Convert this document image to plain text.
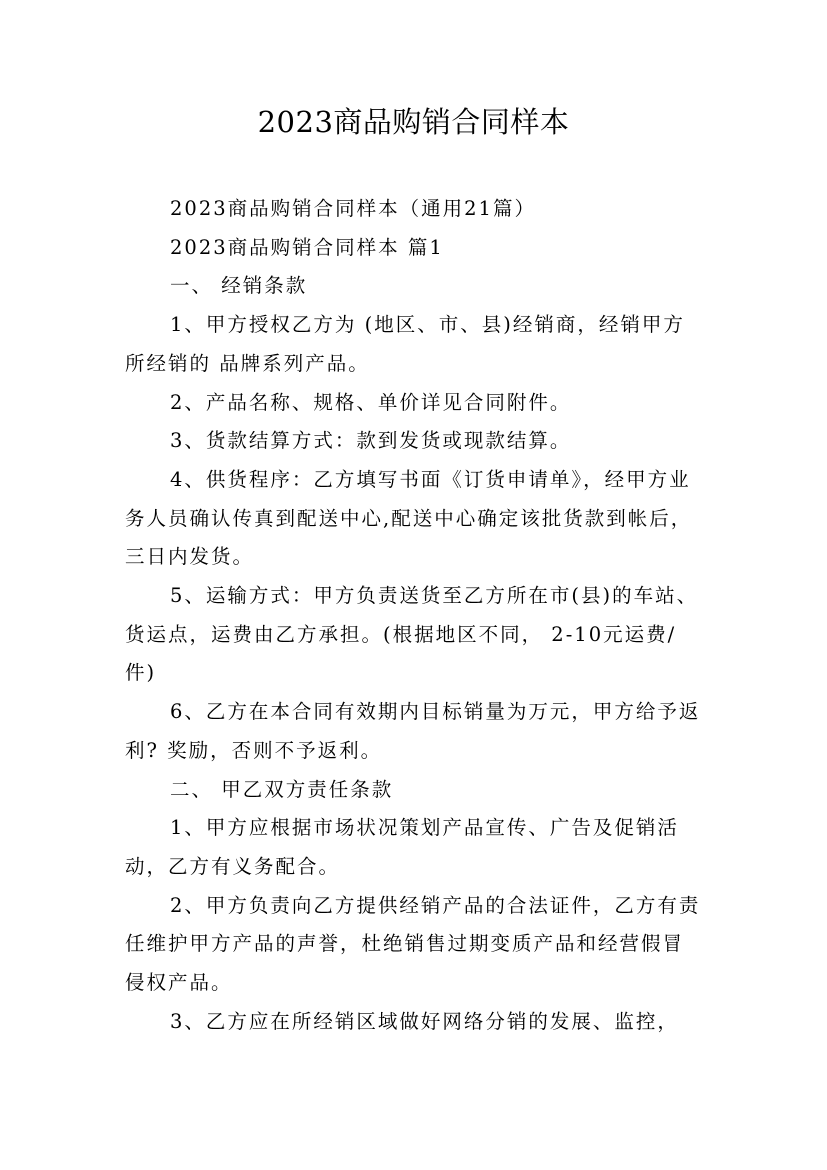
2023商品购销合同样本

2023商品购销合同样本（通用21篇）

2023商品购销合同样本 篇1

一、 经销条款

1、甲方授权乙方为 (地区、市、县)经销商，经销甲方所经销的 品牌系列产品。

2、产品名称、规格、单价详见合同附件。

3、货款结算方式：款到发货或现款结算。

4、供货程序：乙方填写书面《订货申请单》，经甲方业务人员确认传真到配送中心,配送中心确定该批货款到帐后，三日内发货。

5、运输方式：甲方负责送货至乙方所在市(县)的车站、货运点，运费由乙方承担。(根据地区不同， 2-10元运费/件)

6、乙方在本合同有效期内目标销量为万元，甲方给予返利? 奖励，否则不予返利。

二、 甲乙双方责任条款

1、甲方应根据市场状况策划产品宣传、广告及促销活动，乙方有义务配合。

2、甲方负责向乙方提供经销产品的合法证件，乙方有责任维护甲方产品的声誉，杜绝销售过期变质产品和经营假冒侵权产品。

3、乙方应在所经销区域做好网络分销的发展、监控，
